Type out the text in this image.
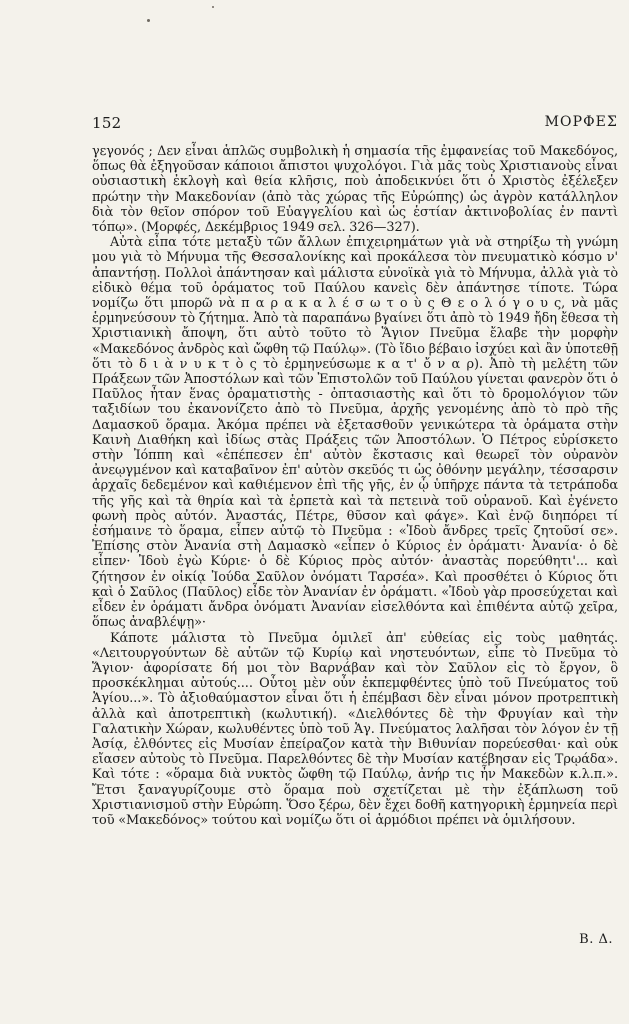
152	ΜΟΡΦΕΣ

γεγονός ; Δεν εἶναι ἁπλῶς συμβολικὴ ἡ σημασία τῆς ἐμφανείας τοῦ Μακεδόνος, ὅπως θὰ ἐξηγοῦσαν κάποιοι ἄπιστοι ψυχολόγοι. Γιὰ μᾶς τοὺς Χριστιανοὺς εἶναι οὐσιαστικὴ ἐκλογὴ καὶ θεία κλῆσις, ποὺ ἀποδεικνύει ὅτι ὁ Χριστὸς ἐξέλεξεν πρώτην τὴν Μακεδονίαν (ἀπὸ τὰς χώρας τῆς Εὐρώπης) ὡς ἀγρὸν κατάλληλον διὰ τὸν θεῖον σπόρον τοῦ Εὐαγγελίου καὶ ὡς ἑστίαν ἀκτινοβολίας ἐν παντὶ τόπῳ». (Μορφές, Δεκέμβριος 1949 σελ. 326—327).

Αὐτὰ εἶπα τότε μεταξὺ τῶν ἄλλων ἐπιχειρημάτων γιὰ νὰ στηρίξω τὴ γνώμη μου γιὰ τὸ Μήνυμα τῆς Θεσσαλονίκης καὶ προκάλεσα τὸν πνευματικὸ κόσμο ν' ἀπαντήσῃ. Πολλοὶ ἀπάντησαν καὶ μάλιστα εὐνοϊκὰ γιὰ τὸ Μήνυμα, ἀλλὰ γιὰ τὸ εἰδικὸ θέμα τοῦ ὁράματος τοῦ Παύλου κανεὶς δὲν ἀπάντησε τίποτε. Τώρα νομίζω ὅτι μπορῶ νὰ π α ρ α κ α λ έ σ ω τ ο ὺ ς Θ ε ο λ ό γ ο υ ς, νὰ μᾶς ἑρμηνεύσουν τὸ ζήτημα. Ἀπὸ τὰ παραπάνω βγαίνει ὅτι ἀπὸ τὸ 1949 ἤδη ἔθεσα τὴ Χριστιανικὴ ἄποψη, ὅτι αὐτὸ τοῦτο τὸ Ἅγιον Πνεῦμα ἔλαβε τὴν μορφὴν «Μακεδόνος ἀνδρὸς καὶ ὤφθη τῷ Παύλῳ». (Τὸ ἴδιο βέβαιο ἰσχύει καὶ ἂν ὑποτεθῇ ὅτι τὸ δ ι ὰ ν υ κ τ ὸ ς τὸ ἑρμηνεύσωμε κ α τ' ὄ ν α ρ). Ἀπὸ τὴ μελέτη τῶν Πράξεων τῶν Ἀποστόλων καὶ τῶν Ἐπιστολῶν τοῦ Παύλου γίνεται φανερὸν ὅτι ὁ Παῦλος ἦταν ἕνας ὁραματιστὴς - ὀπτασιαστὴς καὶ ὅτι τὸ δρομολόγιον τῶν ταξιδίων του ἐκανονίζετο ἀπὸ τὸ Πνεῦμα, ἀρχῆς γενομένης ἀπὸ τὸ πρὸ τῆς Δαμασκοῦ ὅραμα. Ἀκόμα πρέπει νὰ ἐξετασθοῦν γενικώτερα τὰ ὁράματα στὴν Καινὴ Διαθήκη καὶ ἰδίως στὰς Πράξεις τῶν Ἀποστόλων. Ὁ Πέτρος εὑρίσκετο στὴν Ἰόππη καὶ «ἐπέπεσεν ἐπ' αὐτὸν ἔκστασις καὶ θεωρεῖ τὸν οὐρανὸν ἀνεῳγμένον καὶ καταβαῖνον ἐπ' αὐτὸν σκεῦός τι ὡς ὀθόνην μεγάλην, τέσσαρσιν ἀρχαῖς δεδεμένον καὶ καθιέμενον ἐπὶ τῆς γῆς, ἐν ᾧ ὑπῆρχε πάντα τὰ τετράποδα τῆς γῆς καὶ τὰ θηρία καὶ τὰ ἑρπετὰ καὶ τὰ πετεινὰ τοῦ οὐρανοῦ. Καὶ ἐγένετο φωνὴ πρὸς αὐτόν. Ἀναστάς, Πέτρε, θῦσον καὶ φάγε». Καὶ ἐνῷ διηπόρει τί ἐσήμαινε τὸ ὅραμα, εἶπεν αὐτῷ τὸ Πνεῦμα : «Ἰδοὺ ἄνδρες τρεῖς ζητοῦσί σε». Ἐπίσης στὸν Ἀνανία στὴ Δαμασκὸ «εἶπεν ὁ Κύριος ἐν ὁράματι· Ἀνανία· ὁ δὲ εἶπεν· Ἰδοὺ ἐγὼ Κύριε· ὁ δὲ Κύριος πρὸς αὐτόν· ἀναστὰς πορεύθητι'... καὶ ζήτησον ἐν οἰκίᾳ Ἰούδα Σαῦλον ὀνόματι Ταρσέα». Καὶ προσθέτει ὁ Κύριος ὅτι καὶ ὁ Σαῦλος (Παῦλος) εἶδε τὸν Ἀνανίαν ἐν ὁράματι. «Ἰδοὺ γὰρ προσεύχεται καὶ εἶδεν ἐν ὁράματι ἄνδρα ὀνόματι Ἀνανίαν εἰσελθόντα καὶ ἐπιθέντα αὐτῷ χεῖρα, ὅπως ἀναβλέψῃ»·

Κάποτε μάλιστα τὸ Πνεῦμα ὁμιλεῖ ἀπ' εὐθείας εἰς τοὺς μαθητάς. «Λειτουργούντων δὲ αὐτῶν τῷ Κυρίῳ καὶ νηστευόντων, εἶπε τὸ Πνεῦμα τὸ Ἅγιον· ἀφορίσατε δή μοι τὸν Βαρνάβαν καὶ τὸν Σαῦλον εἰς τὸ ἔργον, ὃ προσκέκλημαι αὐτούς.... Οὗτοι μὲν οὖν ἐκπεμφθέντες ὑπὸ τοῦ Πνεύματος τοῦ Ἁγίου...». Τὸ ἀξιοθαύμαστον εἶναι ὅτι ἡ ἐπέμβασι δὲν εἶναι μόνον προτρεπτικὴ ἀλλὰ καὶ ἀποτρεπτικὴ (κωλυτική). «Διελθόντες δὲ τὴν Φρυγίαν καὶ τὴν Γαλατικὴν Χώραν, κωλυθέντες ὑπὸ τοῦ Ἁγ. Πνεύματος λαλῆσαι τὸν λόγον ἐν τῇ Ἀσίᾳ, ἐλθόντες εἰς Μυσίαν ἐπείραζον κατὰ τὴν Βιθυνίαν πορεύεσθαι· καὶ οὐκ εἴασεν αὐτοὺς τὸ Πνεῦμα. Παρελθόντες δὲ τὴν Μυσίαν κατέβησαν εἰς Τρῳάδα». Καὶ τότε : «ὅραμα διὰ νυκτὸς ὤφθη τῷ Παύλῳ, ἀνήρ τις ἦν Μακεδὼν κ.λ.π.». Ἔτσι ξαναγυρίζουμε στὸ ὅραμα ποὺ σχετίζεται μὲ τὴν ἐξάπλωση τοῦ Χριστιανισμοῦ στὴν Εὐρώπη. Ὅσο ξέρω, δὲν ἔχει δοθῆ κατηγορικὴ ἑρμηνεία περὶ τοῦ «Μακεδόνος» τούτου καὶ νομίζω ὅτι οἱ ἁρμόδιοι πρέπει νὰ ὁμιλήσουν.

Β. Δ.
